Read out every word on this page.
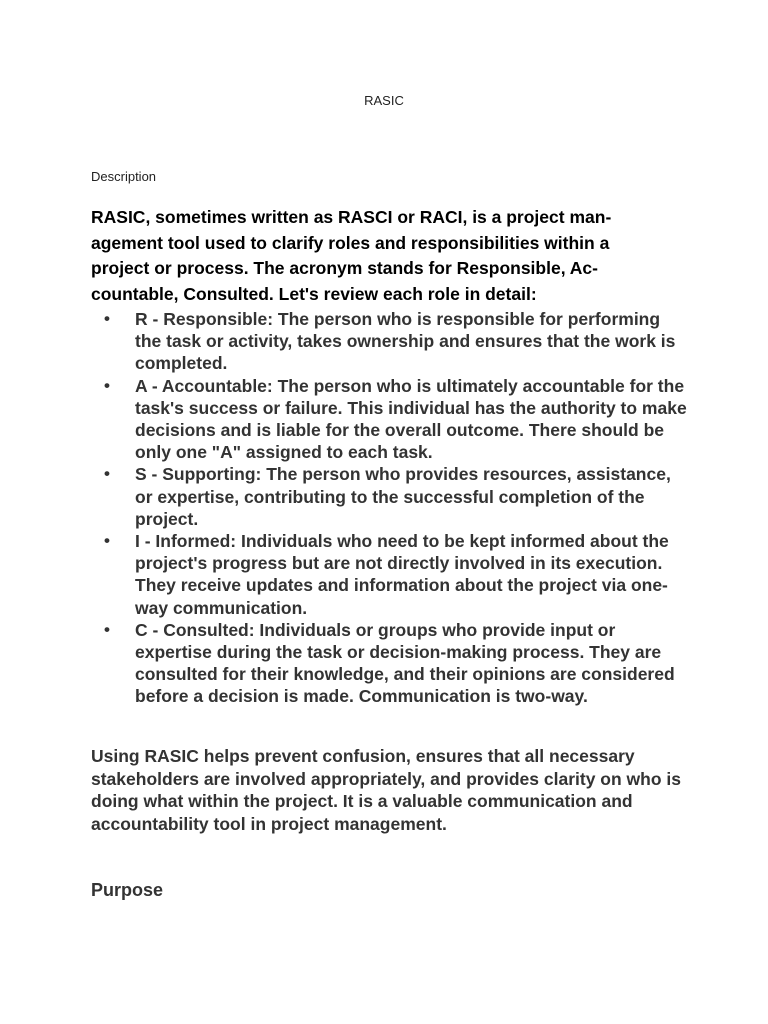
RASIC
Description

RASIC, sometimes written as RASCI or RACI, is a project management tool used to clarify roles and responsibilities within a project or process. The acronym stands for Responsible, Accountable, Consulted. Let's review each role in detail:

• R - Responsible: The person who is responsible for performing the task or activity, takes ownership and ensures that the work is completed.
• A - Accountable: The person who is ultimately accountable for the task's success or failure. This individual has the authority to make decisions and is liable for the overall outcome. There should be only one "A" assigned to each task.
• S - Supporting: The person who provides resources, assistance, or expertise, contributing to the successful completion of the project.
• I - Informed: Individuals who need to be kept informed about the project's progress but are not directly involved in its execution. They receive updates and information about the project via one-way communication.
• C - Consulted: Individuals or groups who provide input or expertise during the task or decision-making process. They are consulted for their knowledge, and their opinions are considered before a decision is made. Communication is two-way.

Using RASIC helps prevent confusion, ensures that all necessary stakeholders are involved appropriately, and provides clarity on who is doing what within the project. It is a valuable communication and accountability tool in project management.

Purpose
